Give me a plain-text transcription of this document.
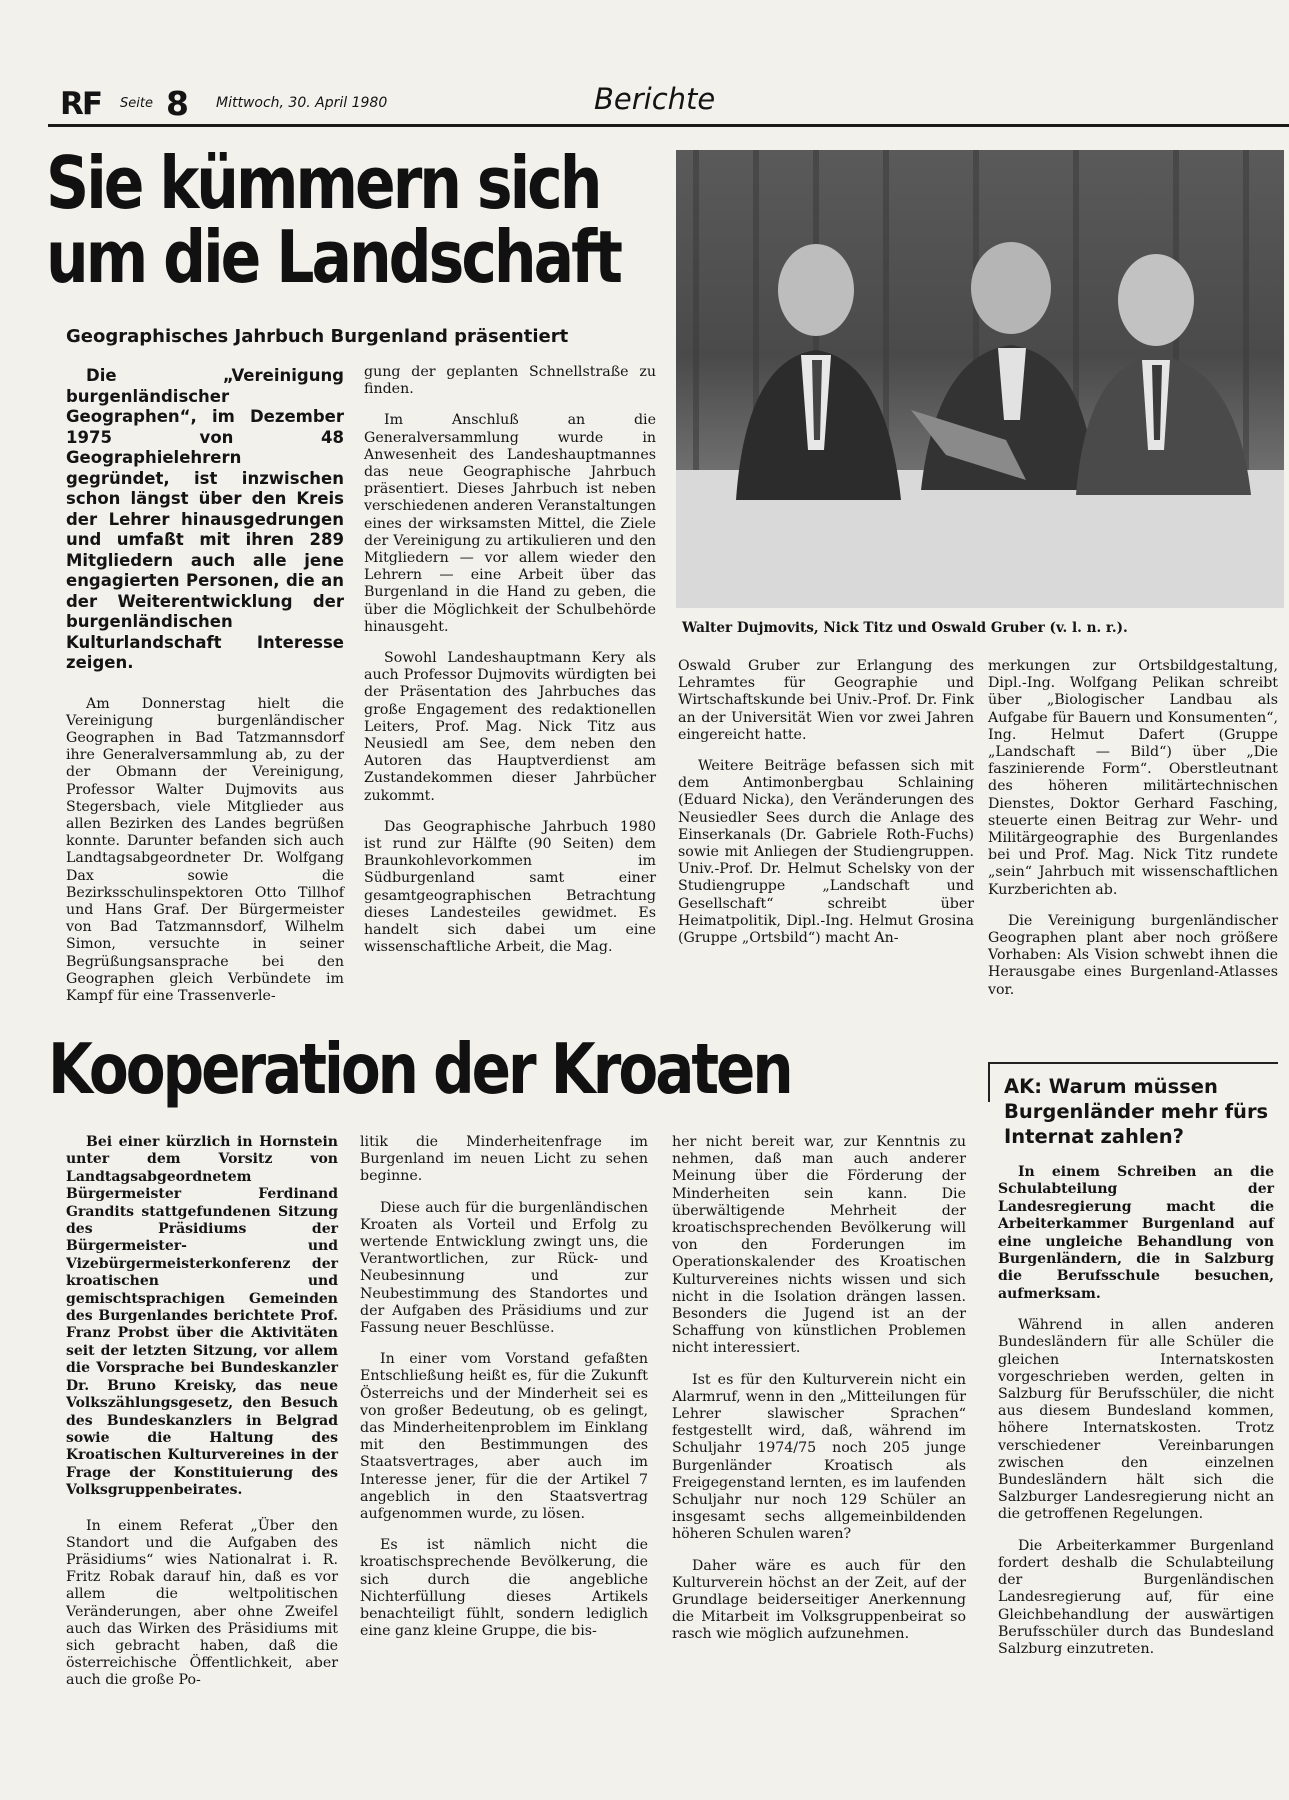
RF Seite 8 Mittwoch, 30. April 1980	Berichte
Sie kümmern sich
um die Landschaft
Geographisches Jahrbuch Burgenland präsentiert

Die „Vereinigung burgenländischer Geographen“, im Dezember 1975 von 48 Geographielehrern gegründet, ist inzwischen schon längst über den Kreis der Lehrer hinausgedrungen und umfaßt mit ihren 289 Mitgliedern auch alle jene engagierten Personen, die an der Weiterentwicklung der burgenländischen Kulturlandschaft Interesse zeigen.

Am Donnerstag hielt die Vereinigung burgenländischer Geographen in Bad Tatzmannsdorf ihre Generalversammlung ab, zu der der Obmann der Vereinigung, Professor Walter Dujmovits aus Stegersbach, viele Mitglieder aus allen Bezirken des Landes begrüßen konnte. Darunter befanden sich auch Landtagsabgeordneter Dr. Wolfgang Dax sowie die Bezirksschulinspektoren Otto Tillhof und Hans Graf. Der Bürgermeister von Bad Tatzmannsdorf, Wilhelm Simon, versuchte in seiner Begrüßungsansprache bei den Geographen gleich Verbündete im Kampf für eine Trassenverle-

gung der geplanten Schnellstraße zu finden.

Im Anschluß an die Generalversammlung wurde in Anwesenheit des Landeshauptmannes das neue Geographische Jahrbuch präsentiert. Dieses Jahrbuch ist neben verschiedenen anderen Veranstaltungen eines der wirksamsten Mittel, die Ziele der Vereinigung zu artikulieren und den Mitgliedern — vor allem wieder den Lehrern — eine Arbeit über das Burgenland in die Hand zu geben, die über die Möglichkeit der Schulbehörde hinausgeht.

Sowohl Landeshauptmann Kery als auch Professor Dujmovits würdigten bei der Präsentation des Jahrbuches das große Engagement des redaktionellen Leiters, Prof. Mag. Nick Titz aus Neusiedl am See, dem neben den Autoren das Hauptverdienst am Zustandekommen dieser Jahrbücher zukommt.

Das Geographische Jahrbuch 1980 ist rund zur Hälfte (90 Seiten) dem Braunkohlevorkommen im Südburgenland samt einer gesamtgeographischen Betrachtung dieses Landesteiles gewidmet. Es handelt sich dabei um eine wissenschaftliche Arbeit, die Mag.

Walter Dujmovits, Nick Titz und Oswald Gruber (v. l. n. r.).

Oswald Gruber zur Erlangung des Lehramtes für Geographie und Wirtschaftskunde bei Univ.-Prof. Dr. Fink an der Universität Wien vor zwei Jahren eingereicht hatte.

Weitere Beiträge befassen sich mit dem Antimonbergbau Schlaining (Eduard Nicka), den Veränderungen des Neusiedler Sees durch die Anlage des Einserkanals (Dr. Gabriele Roth-Fuchs) sowie mit Anliegen der Studiengruppen. Univ.-Prof. Dr. Helmut Schelsky von der Studiengruppe „Landschaft und Gesellschaft“ schreibt über Heimatpolitik, Dipl.-Ing. Helmut Grosina (Gruppe „Ortsbild“) macht An-

merkungen zur Ortsbildgestaltung, Dipl.-Ing. Wolfgang Pelikan schreibt über „Biologischer Landbau als Aufgabe für Bauern und Konsumenten“, Ing. Helmut Dafert (Gruppe „Landschaft — Bild“) über „Die faszinierende Form“. Oberstleutnant des höheren militärtechnischen Dienstes, Doktor Gerhard Fasching, steuerte einen Beitrag zur Wehr- und Militärgeographie des Burgenlandes bei und Prof. Mag. Nick Titz rundete „sein“ Jahrbuch mit wissenschaftlichen Kurzberichten ab.

Die Vereinigung burgenländischer Geographen plant aber noch größere Vorhaben: Als Vision schwebt ihnen die Herausgabe eines Burgenland-Atlasses vor.

Kooperation der Kroaten

Bei einer kürzlich in Hornstein unter dem Vorsitz von Landtagsabgeordnetem Bürgermeister Ferdinand Grandits stattgefundenen Sitzung des Präsidiums der Bürgermeister- und Vizebürgermeisterkonferenz der kroatischen und gemischtsprachigen Gemeinden des Burgenlandes berichtete Prof. Franz Probst über die Aktivitäten seit der letzten Sitzung, vor allem die Vorsprache bei Bundeskanzler Dr. Bruno Kreisky, das neue Volkszählungsgesetz, den Besuch des Bundeskanzlers in Belgrad sowie die Haltung des Kroatischen Kulturvereines in der Frage der Konstituierung des Volksgruppenbeirates.

In einem Referat „Über den Standort und die Aufgaben des Präsidiums“ wies Nationalrat i. R. Fritz Robak darauf hin, daß es vor allem die weltpolitischen Veränderungen, aber ohne Zweifel auch das Wirken des Präsidiums mit sich gebracht haben, daß die österreichische Öffentlichkeit, aber auch die große Po-

litik die Minderheitenfrage im Burgenland im neuen Licht zu sehen beginne.

Diese auch für die burgenländischen Kroaten als Vorteil und Erfolg zu wertende Entwicklung zwingt uns, die Verantwortlichen, zur Rück- und Neubesinnung und zur Neubestimmung des Standortes und der Aufgaben des Präsidiums und zur Fassung neuer Beschlüsse.

In einer vom Vorstand gefaßten Entschließung heißt es, für die Zukunft Österreichs und der Minderheit sei es von großer Bedeutung, ob es gelingt, das Minderheitenproblem im Einklang mit den Bestimmungen des Staatsvertrages, aber auch im Interesse jener, für die der Artikel 7 angeblich in den Staatsvertrag aufgenommen wurde, zu lösen.

Es ist nämlich nicht die kroatischsprechende Bevölkerung, die sich durch die angebliche Nichterfüllung dieses Artikels benachteiligt fühlt, sondern lediglich eine ganz kleine Gruppe, die bis-

her nicht bereit war, zur Kenntnis zu nehmen, daß man auch anderer Meinung über die Förderung der Minderheiten sein kann. Die überwältigende Mehrheit der kroatischsprechenden Bevölkerung will von den Forderungen im Operationskalender des Kroatischen Kulturvereines nichts wissen und sich nicht in die Isolation drängen lassen. Besonders die Jugend ist an der Schaffung von künstlichen Problemen nicht interessiert.

Ist es für den Kulturverein nicht ein Alarmruf, wenn in den „Mitteilungen für Lehrer slawischer Sprachen“ festgestellt wird, daß, während im Schuljahr 1974/75 noch 205 junge Burgenländer Kroatisch als Freigegenstand lernten, es im laufenden Schuljahr nur noch 129 Schüler an insgesamt sechs allgemeinbildenden höheren Schulen waren?

Daher wäre es auch für den Kulturverein höchst an der Zeit, auf der Grundlage beiderseitiger Anerkennung die Mitarbeit im Volksgruppenbeirat so rasch wie möglich aufzunehmen.

AK: Warum müssen Burgenländer mehr fürs Internat zahlen?

In einem Schreiben an die Schulabteilung der Landesregierung macht die Arbeiterkammer Burgenland auf eine ungleiche Behandlung von Burgenländern, die in Salzburg die Berufsschule besuchen, aufmerksam.

Während in allen anderen Bundesländern für alle Schüler die gleichen Internatskosten vorgeschrieben werden, gelten in Salzburg für Berufsschüler, die nicht aus diesem Bundesland kommen, höhere Internatskosten. Trotz verschiedener Vereinbarungen zwischen den einzelnen Bundesländern hält sich die Salzburger Landesregierung nicht an die getroffenen Regelungen.

Die Arbeiterkammer Burgenland fordert deshalb die Schulabteilung der Burgenländischen Landesregierung auf, für eine Gleichbehandlung der auswärtigen Berufsschüler durch das Bundesland Salzburg einzutreten.
